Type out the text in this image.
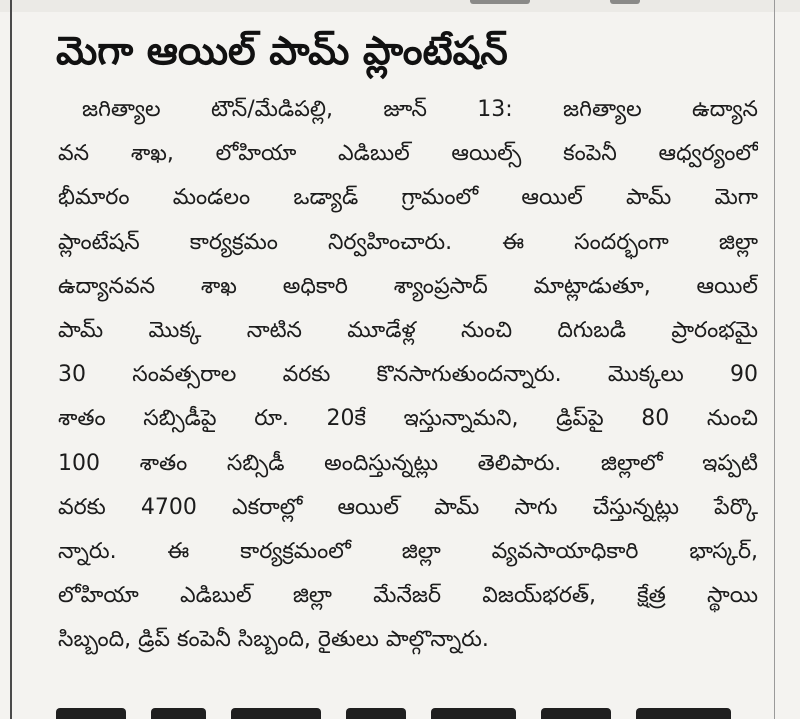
మెగా ఆయిల్ పామ్ ప్లాంటేషన్
జగిత్యాల టౌన్/మేడిపల్లి, జూన్ 13: జగిత్యాల ఉద్యాన
వన శాఖ, లోహియా ఎడిబుల్ ఆయిల్స్ కంపెనీ ఆధ్వర్యంలో
భీమారం మండలం ఒడ్యాడ్ గ్రామంలో ఆయిల్ పామ్ మెగా
ప్లాంటేషన్ కార్యక్రమం నిర్వహించారు. ఈ సందర్భంగా జిల్లా
ఉద్యానవన శాఖ అధికారి శ్యాంప్రసాద్ మాట్లాడుతూ, ఆయిల్
పామ్ మొక్క నాటిన మూడేళ్ల నుంచి దిగుబడి ప్రారంభమై
30 సంవత్సరాల వరకు కొనసాగుతుందన్నారు. మొక్కలు 90
శాతం సబ్సిడీపై రూ. 20కే ఇస్తున్నామని, డ్రిప్‌పై 80 నుంచి
100 శాతం సబ్సిడీ అందిస్తున్నట్లు తెలిపారు. జిల్లాలో ఇప్పటి
వరకు 4700 ఎకరాల్లో ఆయిల్ పామ్ సాగు చేస్తున్నట్లు పేర్కొ
న్నారు. ఈ కార్యక్రమంలో జిల్లా వ్యవసాయాధికారి భాస్కర్,
లోహియా ఎడిబుల్ జిల్లా మేనేజర్ విజయ్‌భరత్, క్షేత్ర స్థాయి
సిబ్బంది, డ్రిప్ కంపెనీ సిబ్బంది, రైతులు పాల్గొన్నారు.
